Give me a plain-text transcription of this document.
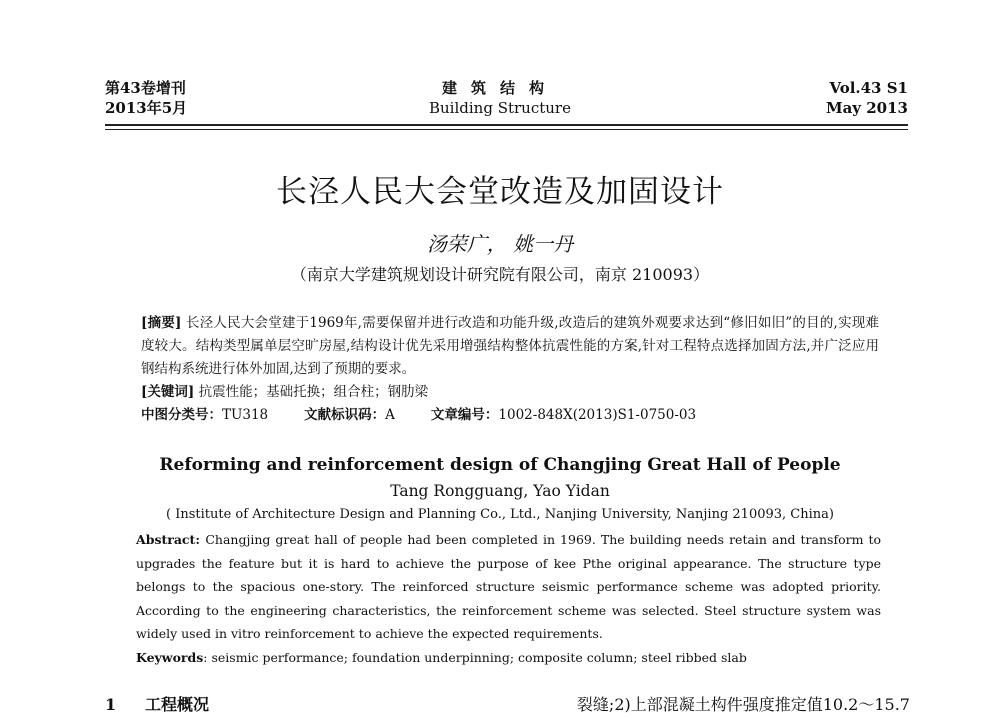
第43卷增刊
2013年5月
建筑结构
Building Structure
Vol.43 S1
May 2013
长泾人民大会堂改造及加固设计
汤荣广， 姚一丹
（南京大学建筑规划设计研究院有限公司，南京 210093）

[摘要] 长泾人民大会堂建于1969年,需要保留并进行改造和功能升级,改造后的建筑外观要求达到“修旧如旧”的目的,实现难度较大。结构类型属单层空旷房屋,结构设计优先采用增强结构整体抗震性能的方案,针对工程特点选择加固方法,并广泛应用钢结构系统进行体外加固,达到了预期的要求。

[关键词] 抗震性能；基础托换；组合柱；钢肋梁

中图分类号：TU318	文献标识码：A	文章编号：1002-848X(2013)S1-0750-03

Reforming and reinforcement design of Changjing Great Hall of People
Tang Rongguang, Yao Yidan
( Institute of Architecture Design and Planning Co., Ltd., Nanjing University, Nanjing 210093, China)

Abstract: Changjing great hall of people had been completed in 1969. The building needs retain and transform to upgrades the feature but it is hard to achieve the purpose of kee Pthe original appearance. The structure type belongs to the spacious one-story. The reinforced structure seismic performance scheme was adopted priority. According to the engineering characteristics, the reinforcement scheme was selected. Steel structure system was widely used in vitro reinforcement to achieve the expected requirements.

Keywords: seismic performance; foundation underpinning; composite column; steel ribbed slab

1 工程概况	裂缝;2)上部混凝土构件强度推定值10.2～15.7
